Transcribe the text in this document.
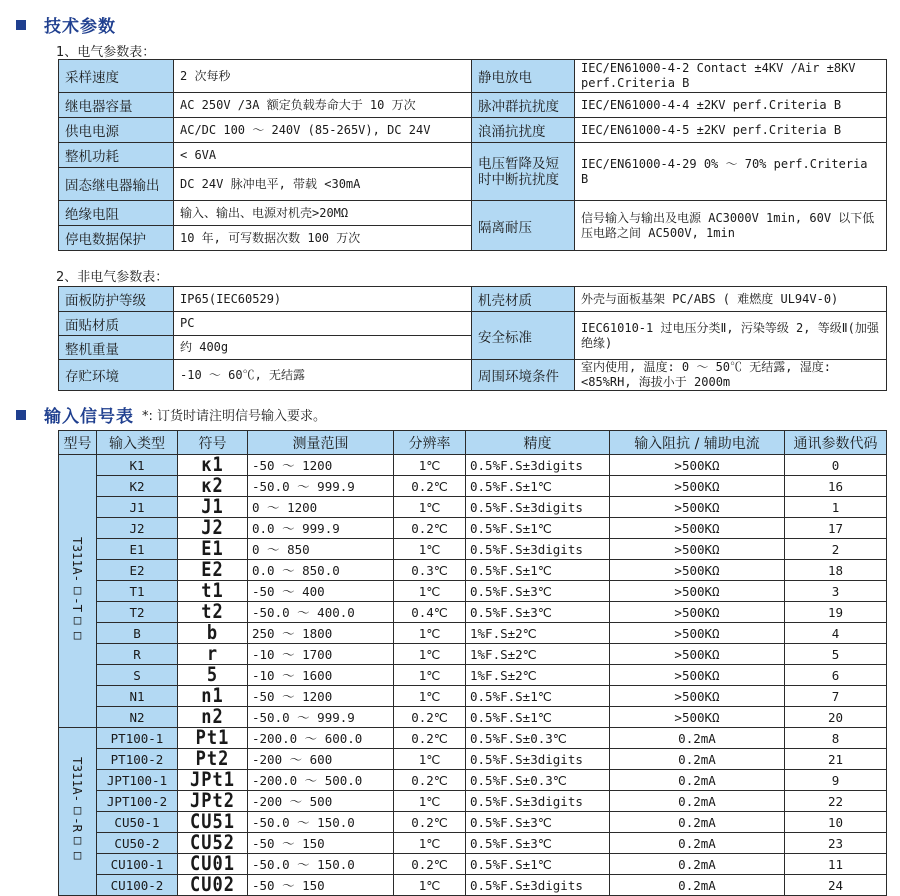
技术参数
1、电气参数表：
采样速度	2 次每秒	静电放电	IEC/EN61000-4-2 Contact ±4KV /Air ±8KV perf.Criteria B
继电器容量	AC 250V /3A 额定负载寿命大于 10 万次	脉冲群抗扰度	IEC/EN61000-4-4 ±2KV perf.Criteria B
供电电源	AC/DC 100 ～ 240V (85-265V), DC 24V	浪涌抗扰度	IEC/EN61000-4-5 ±2KV perf.Criteria B
整机功耗	< 6VA	电压暂降及短时中断抗扰度	IEC/EN61000-4-29 0% ～ 70% perf.Criteria B
固态继电器输出	DC 24V 脉冲电平, 带载 <30mA		
绝缘电阻	输入、输出、电源对机壳>20MΩ	隔离耐压	信号输入与输出及电源 AC3000V 1min, 60V 以下低压电路之间 AC500V, 1min
停电数据保护	10 年, 可写数据次数 100 万次		
2、非电气参数表：
面板防护等级	IP65(IEC60529)	机壳材质	外壳与面板基架 PC/ABS ( 难燃度 UL94V-0)
面贴材质	PC	安全标准	IEC61010-1 过电压分类Ⅱ, 污染等级 2, 等级Ⅱ(加强绝缘)
整机重量	约 400g		
存贮环境	-10 ～ 60℃, 无结露	周围环境条件	室内使用, 温度: 0 ～ 50℃ 无结露, 湿度: <85%RH, 海拔小于 2000m
输入信号表 *: 订货时请注明信号输入要求。
型号	输入类型	符号	测量范围	分辨率	精度	输入阻抗 / 辅助电流	通讯参数代码
T311A-□-T□□	K1	ĸ1	-50 ～ 1200	1℃	0.5%F.S±3digits	>500KΩ	0
	K2	ĸ2	-50.0 ～ 999.9	0.2℃	0.5%F.S±1℃	>500KΩ	16
	J1	J1	0 ～ 1200	1℃	0.5%F.S±3digits	>500KΩ	1
	J2	J2	0.0 ～ 999.9	0.2℃	0.5%F.S±1℃	>500KΩ	17
	E1	E1	0 ～ 850	1℃	0.5%F.S±3digits	>500KΩ	2
	E2	E2	0.0 ～ 850.0	0.3℃	0.5%F.S±1℃	>500KΩ	18
	T1	t1	-50 ～ 400	1℃	0.5%F.S±3℃	>500KΩ	3
	T2	t2	-50.0 ～ 400.0	0.4℃	0.5%F.S±3℃	>500KΩ	19
	B	b	250 ～ 1800	1℃	1%F.S±2℃	>500KΩ	4
	R	r	-10 ～ 1700	1℃	1%F.S±2℃	>500KΩ	5
	S	5	-10 ～ 1600	1℃	1%F.S±2℃	>500KΩ	6
	N1	n1	-50 ～ 1200	1℃	0.5%F.S±1℃	>500KΩ	7
	N2	n2	-50.0 ～ 999.9	0.2℃	0.5%F.S±1℃	>500KΩ	20
T311A-□-R□□	PT100-1	Pt1	-200.0 ～ 600.0	0.2℃	0.5%F.S±0.3℃	0.2mA	8
	PT100-2	Pt2	-200 ～ 600	1℃	0.5%F.S±3digits	0.2mA	21
	JPT100-1	JPt1	-200.0 ～ 500.0	0.2℃	0.5%F.S±0.3℃	0.2mA	9
	JPT100-2	JPt2	-200 ～ 500	1℃	0.5%F.S±3digits	0.2mA	22
	CU50-1	CU51	-50.0 ～ 150.0	0.2℃	0.5%F.S±3℃	0.2mA	10
	CU50-2	CU52	-50 ～ 150	1℃	0.5%F.S±3℃	0.2mA	23
	CU100-1	CU01	-50.0 ～ 150.0	0.2℃	0.5%F.S±1℃	0.2mA	11
	CU100-2	CU02	-50 ～ 150	1℃	0.5%F.S±3digits	0.2mA	24
